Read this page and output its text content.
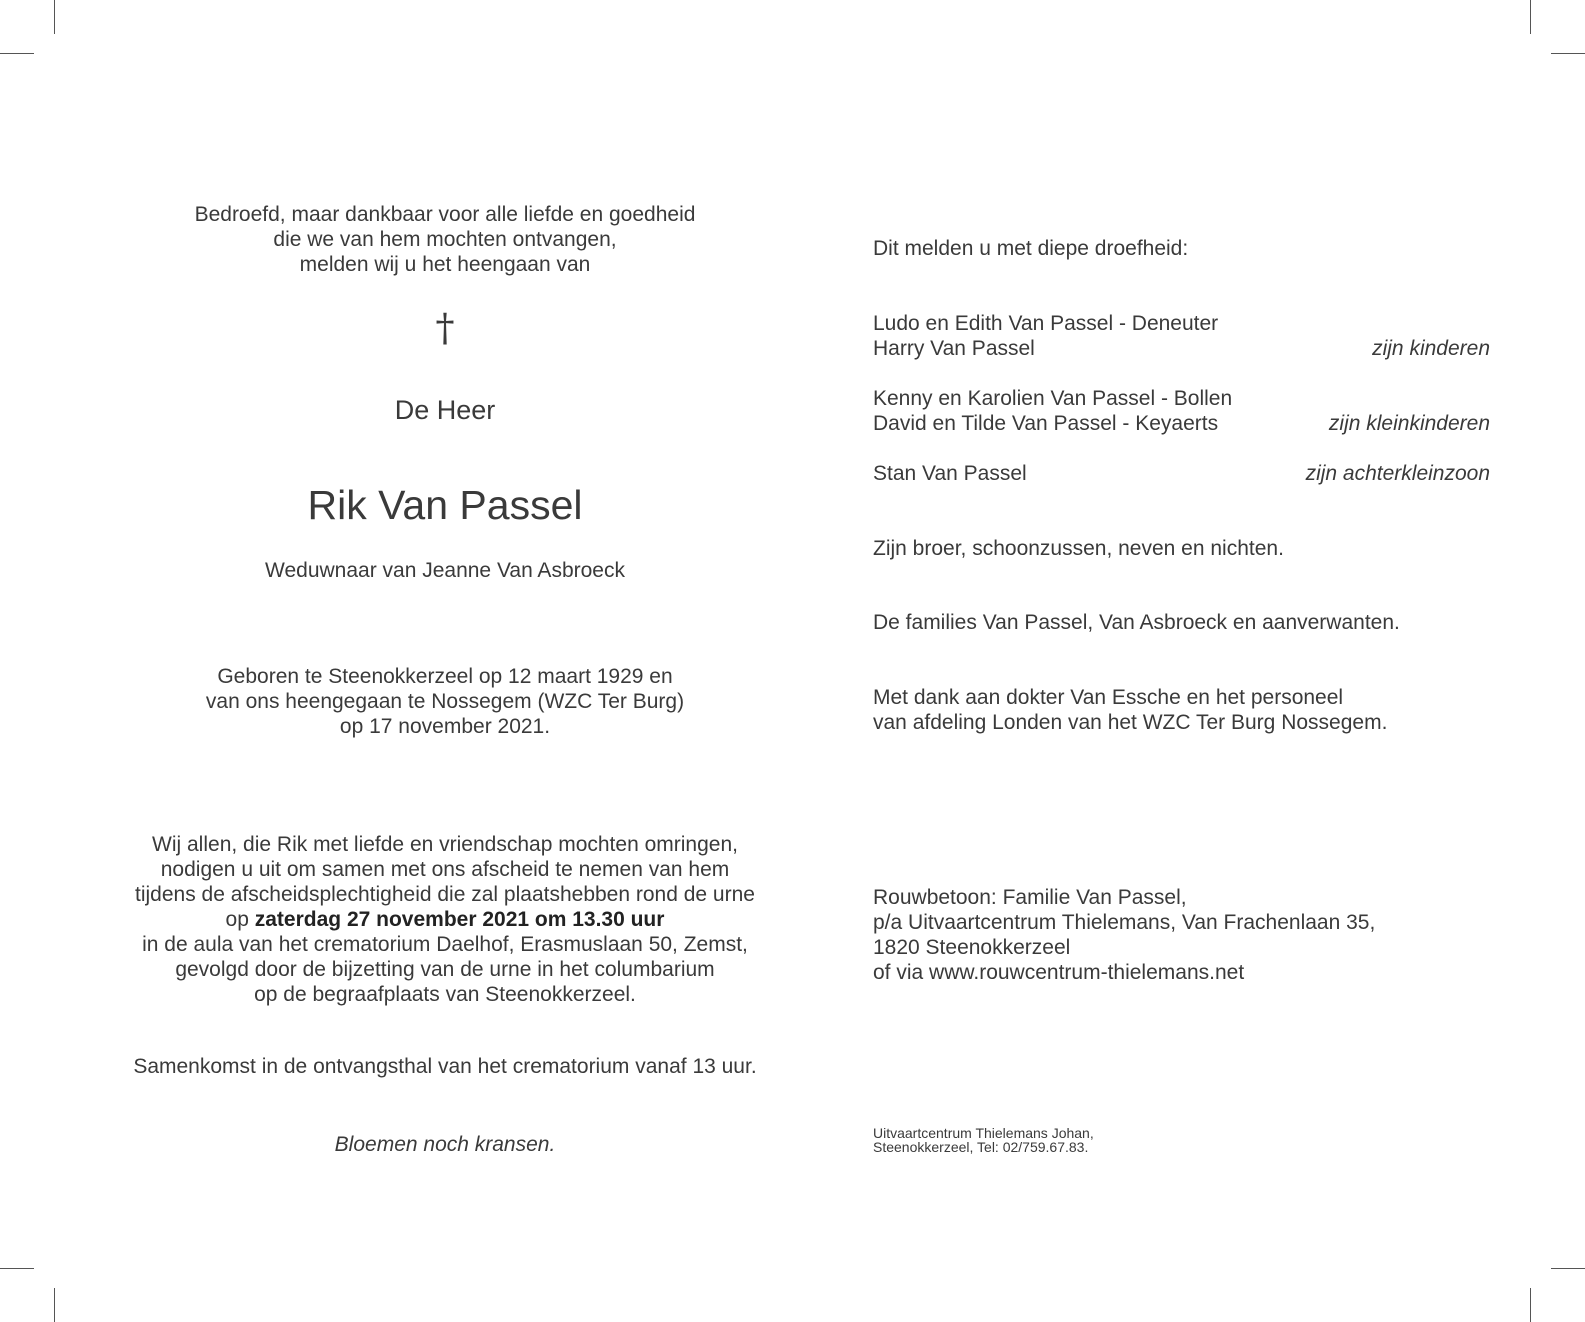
Bedroefd, maar dankbaar voor alle liefde en goedheid
die we van hem mochten ontvangen,
melden wij u het heengaan van
†
De Heer
Rik Van Passel
Weduwnaar van Jeanne Van Asbroeck
Geboren te Steenokkerzeel op 12 maart 1929 en
van ons heengegaan te Nossegem (WZC Ter Burg)
op 17 november 2021.
Wij allen, die Rik met liefde en vriendschap mochten omringen,
nodigen u uit om samen met ons afscheid te nemen van hem
tijdens de afscheidsplechtigheid die zal plaatshebben rond de urne
op zaterdag 27 november 2021 om 13.30 uur
in de aula van het crematorium Daelhof, Erasmuslaan 50, Zemst,
gevolgd door de bijzetting van de urne in het columbarium
op de begraafplaats van Steenokkerzeel.
Samenkomst in de ontvangsthal van het crematorium vanaf 13 uur.
Bloemen noch kransen.
Dit melden u met diepe droefheid:
Ludo en Edith Van Passel - Deneuter
Harry Van Passel	zijn kinderen
Kenny en Karolien Van Passel - Bollen
David en Tilde Van Passel - Keyaerts	zijn kleinkinderen
Stan Van Passel	zijn achterkleinzoon
Zijn broer, schoonzussen, neven en nichten.
De families Van Passel, Van Asbroeck en aanverwanten.
Met dank aan dokter Van Essche en het personeel
van afdeling Londen van het WZC Ter Burg Nossegem.
Rouwbetoon: Familie Van Passel,
p/a Uitvaartcentrum Thielemans, Van Frachenlaan 35,
1820 Steenokkerzeel
of via www.rouwcentrum-thielemans.net
Uitvaartcentrum Thielemans Johan,
Steenokkerzeel, Tel: 02/759.67.83.
